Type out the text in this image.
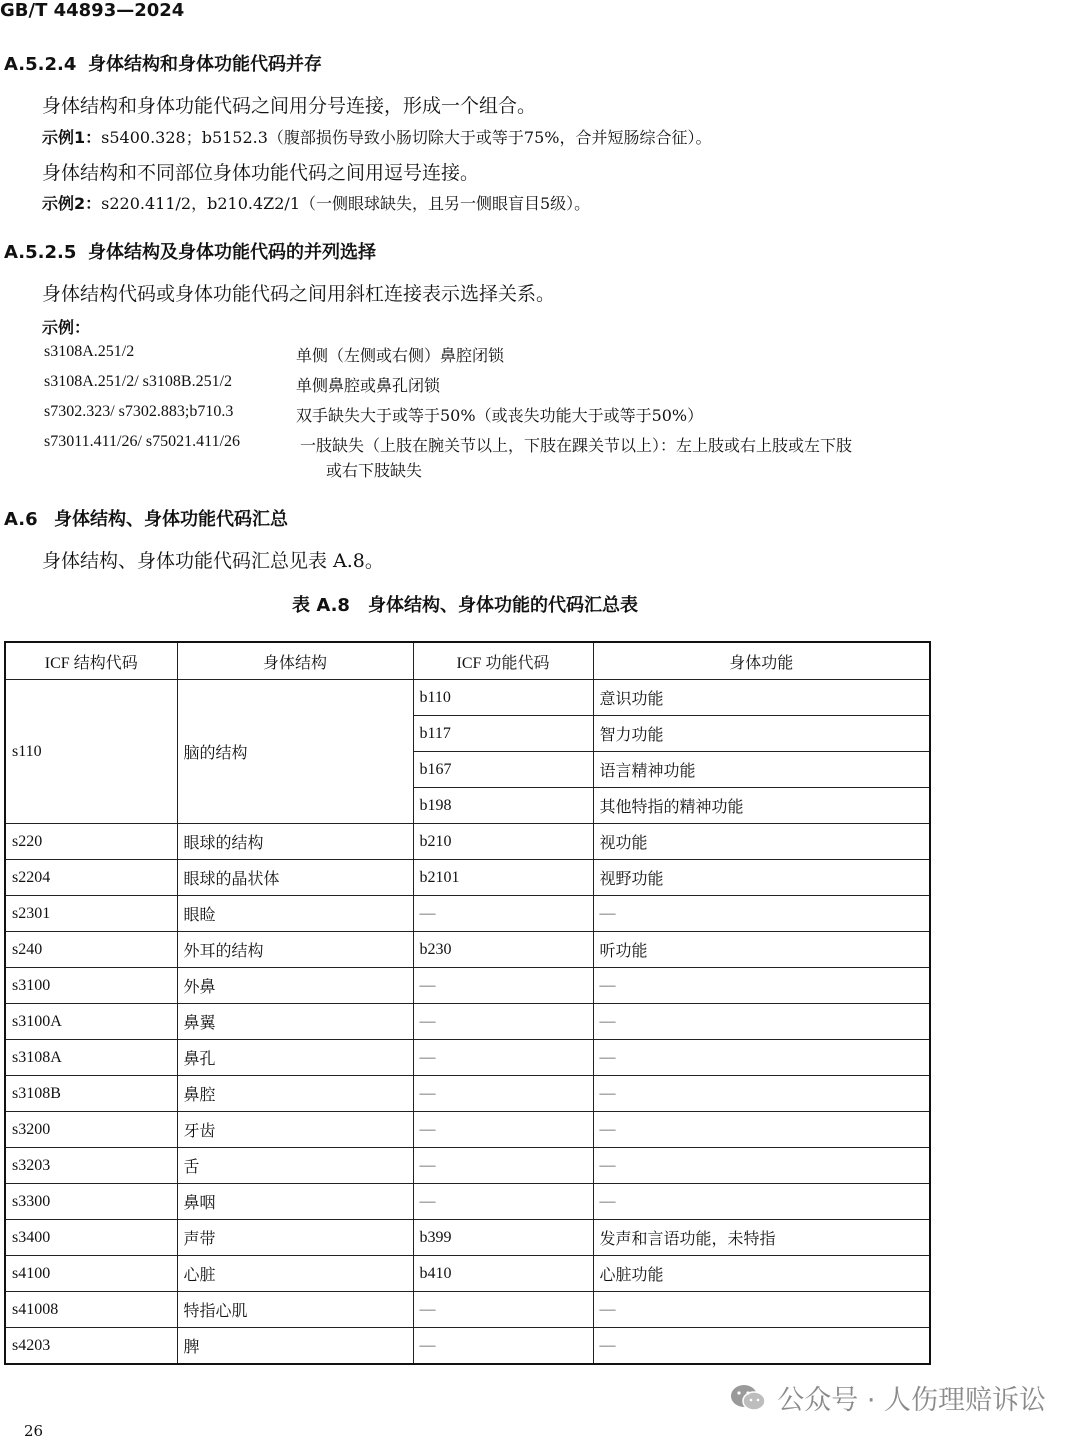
GB/T 44893—2024
A.5.2.4 身体结构和身体功能代码并存
身体结构和身体功能代码之间用分号连接，形成一个组合。
示例1：s5400.328；b5152.3（腹部损伤导致小肠切除大于或等于75%，合并短肠综合征）。
身体结构和不同部位身体功能代码之间用逗号连接。
示例2：s220.411/2，b210.4Z2/1（一侧眼球缺失，且另一侧眼盲目5级）。
A.5.2.5 身体结构及身体功能代码的并列选择
身体结构代码或身体功能代码之间用斜杠连接表示选择关系。
示例：
s3108A.251/2	单侧（左侧或右侧）鼻腔闭锁
s3108A.251/2/ s3108B.251/2	单侧鼻腔或鼻孔闭锁
s7302.323/ s7302.883;b710.3	双手缺失大于或等于50%（或丧失功能大于或等于50%）
s73011.411/26/ s75021.411/26	一肢缺失（上肢在腕关节以上，下肢在踝关节以上）：左上肢或右上肢或左下肢
或右下肢缺失
A.6 身体结构、身体功能代码汇总
身体结构、身体功能代码汇总见表 A.8。
表 A.8　身体结构、身体功能的代码汇总表
ICF 结构代码	身体结构	ICF 功能代码	身体功能
s110	脑的结构	b110	意识功能
		b117	智力功能
		b167	语言精神功能
		b198	其他特指的精神功能
s220	眼球的结构	b210	视功能
s2204	眼球的晶状体	b2101	视野功能
s2301	眼睑	—	—
s240	外耳的结构	b230	听功能
s3100	外鼻	—	—
s3100A	鼻翼	—	—
s3108A	鼻孔	—	—
s3108B	鼻腔	—	—
s3200	牙齿	—	—
s3203	舌	—	—
s3300	鼻咽	—	—
s3400	声带	b399	发声和言语功能，未特指
s4100	心脏	b410	心脏功能
s41008	特指心肌	—	—
s4203	脾	—	—
公众号 · 人伤理赔诉讼
26
